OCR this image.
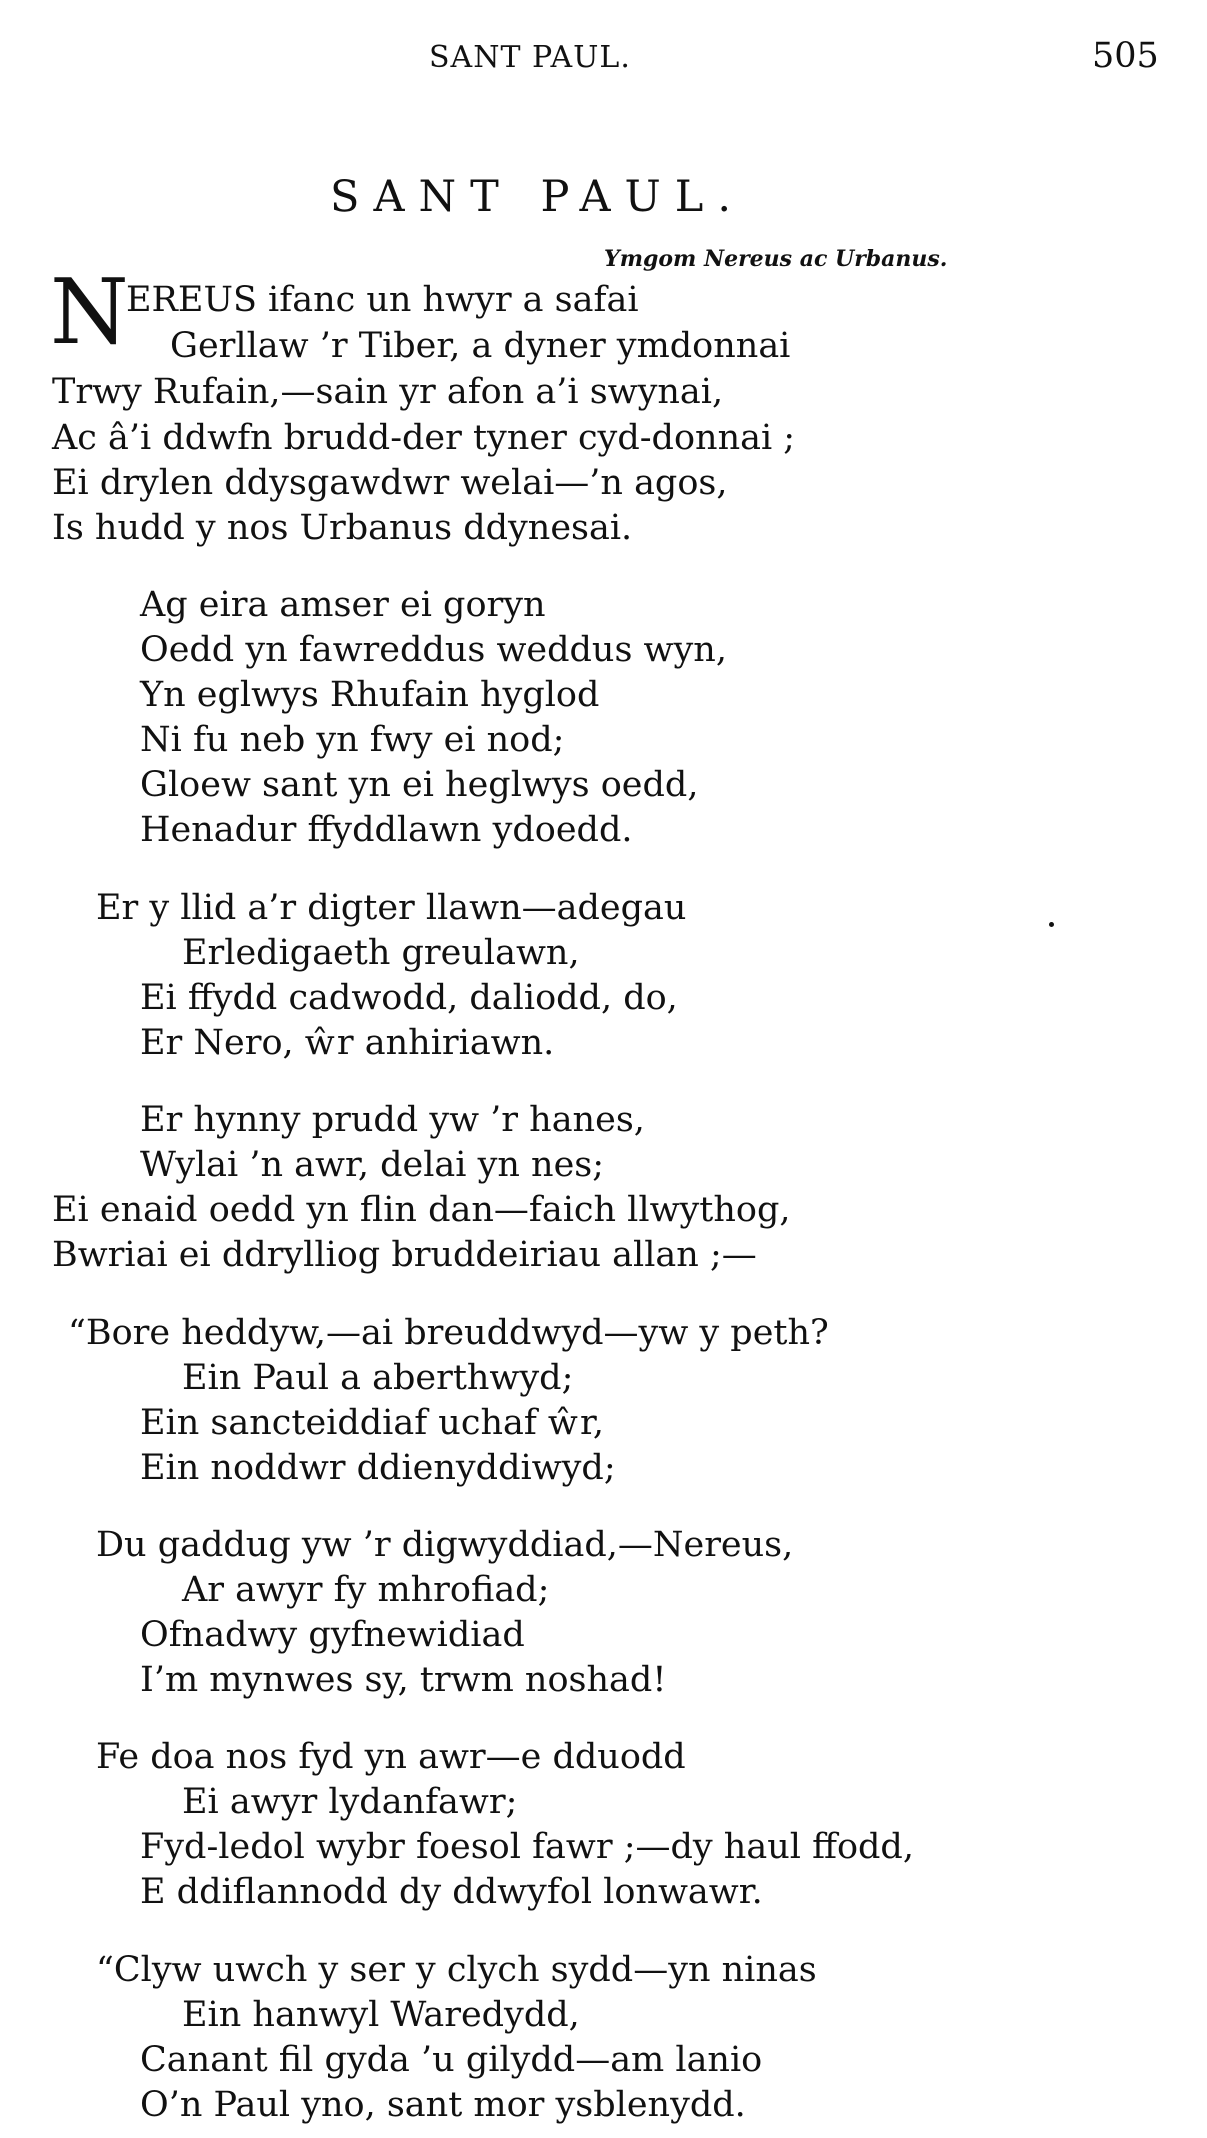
SANT PAUL.	505
SANT PAUL.
Ymgom Nereus ac Urbanus.
N
EREUS ifanc un hwyr a safai
Gerllaw ’r Tiber, a dyner ymdonnai
Trwy Rufain,—sain yr afon a’i swynai,
Ac â’i ddwfn brudd-der tyner cyd-donnai ;
Ei drylen ddysgawdwr welai—’n agos,
Is hudd y nos Urbanus ddynesai.
Ag eira amser ei goryn
Oedd yn fawreddus weddus wyn,
Yn eglwys Rhufain hyglod
Ni fu neb yn fwy ei nod;
Gloew sant yn ei heglwys oedd,
Henadur ffyddlawn ydoedd.
Er y llid a’r digter llawn—adegau
Erledigaeth greulawn,
Ei ffydd cadwodd, daliodd, do,
Er Nero, ŵr anhiriawn.
Er hynny prudd yw ’r hanes,
Wylai ’n awr, delai yn nes;
Ei enaid oedd yn flin dan—faich llwythog,
Bwriai ei ddrylliog bruddeiriau allan ;—
“Bore heddyw,—ai breuddwyd—yw y peth?
Ein Paul a aberthwyd;
Ein sancteiddiaf uchaf ŵr,
Ein noddwr ddienyddiwyd;
Du gaddug yw ’r digwyddiad,—Nereus,
Ar awyr fy mhrofiad;
Ofnadwy gyfnewidiad
I’m mynwes sy, trwm noshad!
Fe doa nos fyd yn awr—e dduodd
Ei awyr lydanfawr;
Fyd-ledol wybr foesol fawr ;—dy haul ffodd,
E ddiflannodd dy ddwyfol lonwawr.
“Clyw uwch y ser y clych sydd—yn ninas
Ein hanwyl Waredydd,
Canant fil gyda ’u gilydd—am lanio
O’n Paul yno, sant mor ysblenydd.
